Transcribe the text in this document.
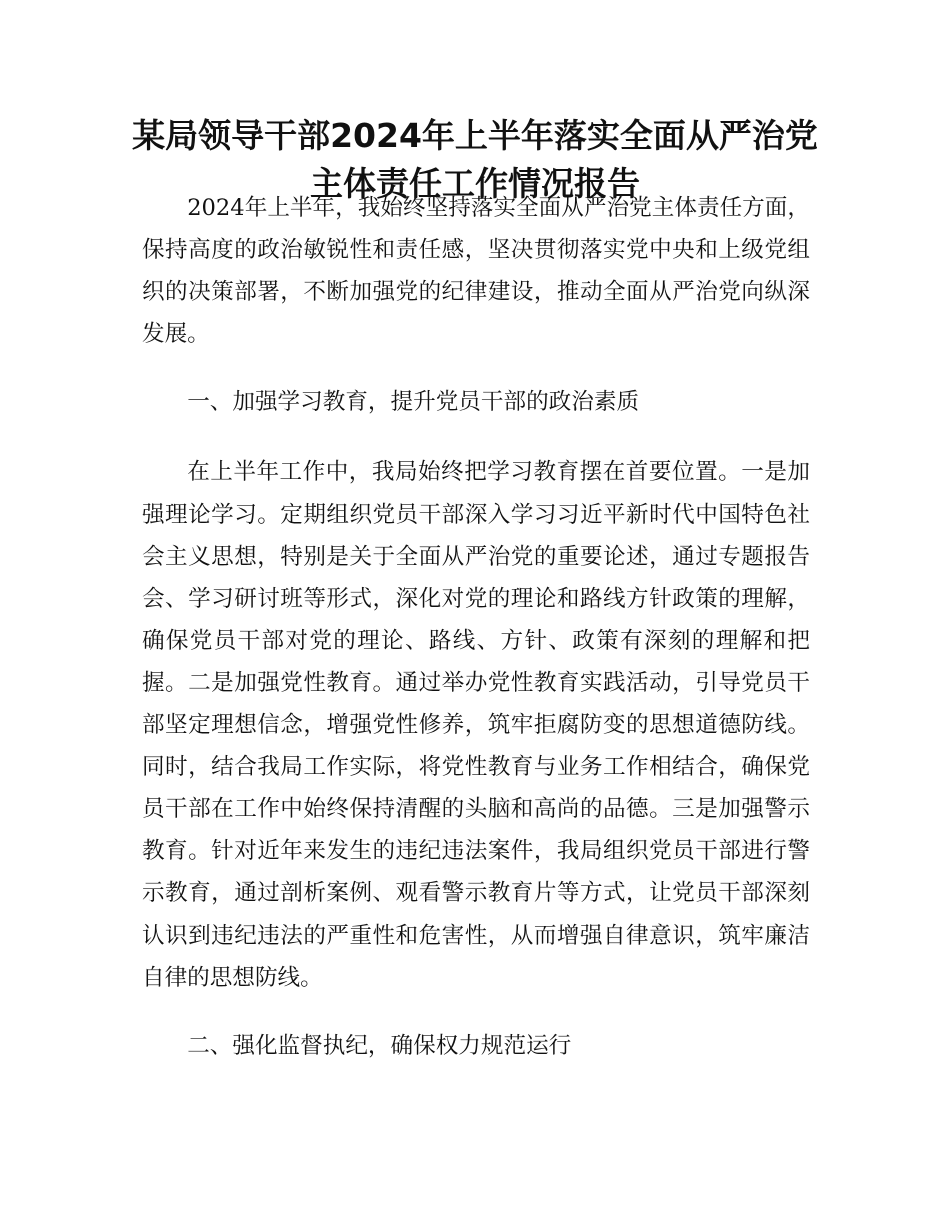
某局领导干部2024年上半年落实全面从严治党
主体责任工作情况报告

2024年上半年，我始终坚持落实全面从严治党主体责任方面，保持高度的政治敏锐性和责任感，坚决贯彻落实党中央和上级党组织的决策部署，不断加强党的纪律建设，推动全面从严治党向纵深发展。

一、加强学习教育，提升党员干部的政治素质

在上半年工作中，我局始终把学习教育摆在首要位置。一是加强理论学习。定期组织党员干部深入学习习近平新时代中国特色社会主义思想，特别是关于全面从严治党的重要论述，通过专题报告会、学习研讨班等形式，深化对党的理论和路线方针政策的理解，确保党员干部对党的理论、路线、方针、政策有深刻的理解和把握。二是加强党性教育。通过举办党性教育实践活动，引导党员干部坚定理想信念，增强党性修养，筑牢拒腐防变的思想道德防线。同时，结合我局工作实际，将党性教育与业务工作相结合，确保党员干部在工作中始终保持清醒的头脑和高尚的品德。三是加强警示教育。针对近年来发生的违纪违法案件，我局组织党员干部进行警示教育，通过剖析案例、观看警示教育片等方式，让党员干部深刻认识到违纪违法的严重性和危害性，从而增强自律意识，筑牢廉洁自律的思想防线。

二、强化监督执纪，确保权力规范运行
